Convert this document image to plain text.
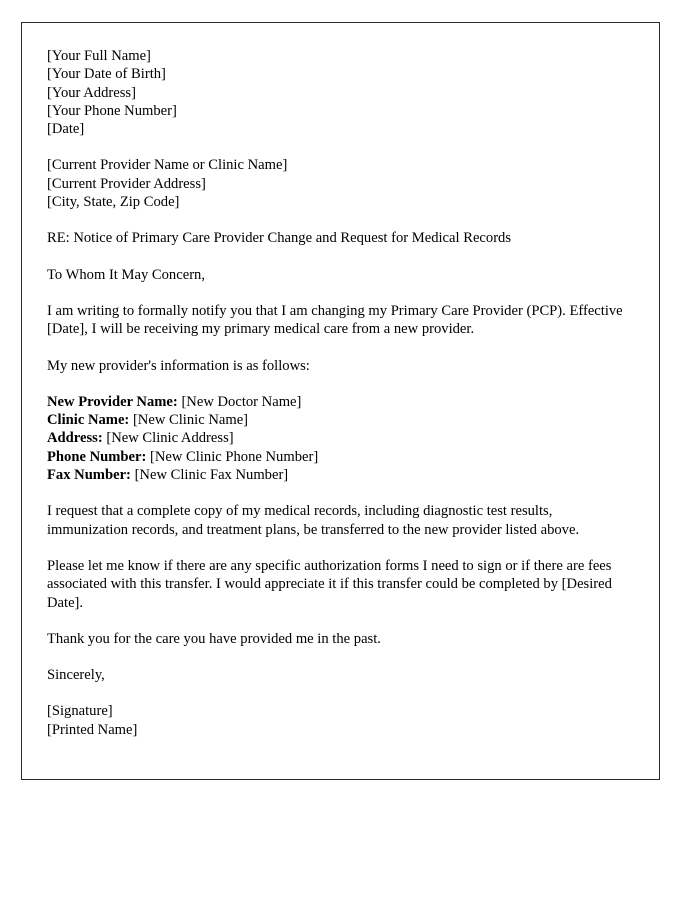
[Your Full Name]
[Your Date of Birth]
[Your Address]
[Your Phone Number]
[Date]
[Current Provider Name or Clinic Name]
[Current Provider Address]
[City, State, Zip Code]

RE: Notice of Primary Care Provider Change and Request for Medical Records

To Whom It May Concern,

I am writing to formally notify you that I am changing my Primary Care Provider (PCP). Effective [Date], I will be receiving my primary medical care from a new provider.

My new provider's information is as follows:

New Provider Name: [New Doctor Name]
Clinic Name: [New Clinic Name]
Address: [New Clinic Address]
Phone Number: [New Clinic Phone Number]
Fax Number: [New Clinic Fax Number]

I request that a complete copy of my medical records, including diagnostic test results, immunization records, and treatment plans, be transferred to the new provider listed above.

Please let me know if there are any specific authorization forms I need to sign or if there are fees associated with this transfer. I would appreciate it if this transfer could be completed by [Desired Date].

Thank you for the care you have provided me in the past.

Sincerely,

[Signature]
[Printed Name]
